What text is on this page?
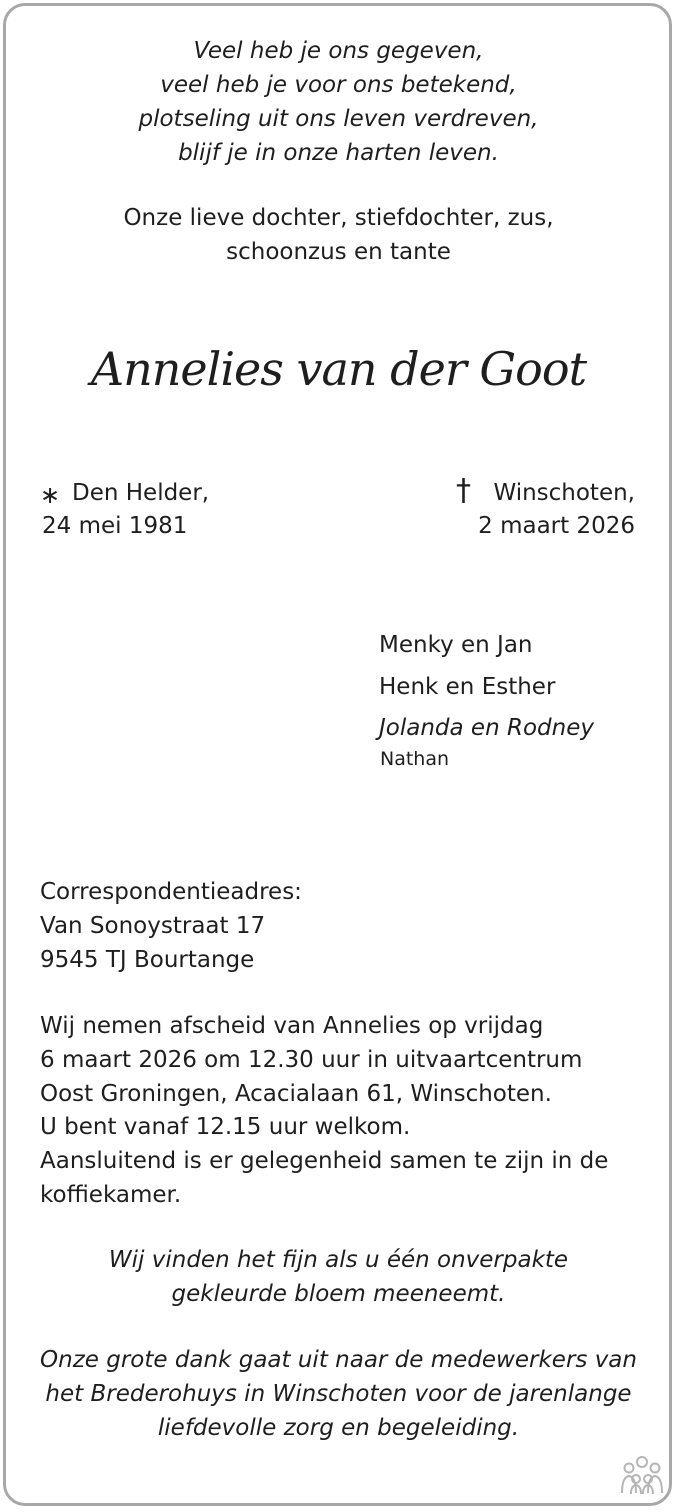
Veel heb je ons gegeven,
veel heb je voor ons betekend,
plotseling uit ons leven verdreven,
blijf je in onze harten leven.
Onze lieve dochter, stiefdochter, zus,
schoonzus en tante
Annelies van der Goot
∗ Den Helder,
24 mei 1981
† Winschoten,
2 maart 2026
Menky en Jan
Henk en Esther
Jolanda en Rodney
Nathan
Correspondentieadres:
Van Sonoystraat 17
9545 TJ Bourtange
Wij nemen afscheid van Annelies op vrijdag
6 maart 2026 om 12.30 uur in uitvaartcentrum
Oost Groningen, Acacialaan 61, Winschoten.
U bent vanaf 12.15 uur welkom.
Aansluitend is er gelegenheid samen te zijn in de
koffiekamer.
Wij vinden het fijn als u één onverpakte
gekleurde bloem meeneemt.
Onze grote dank gaat uit naar de medewerkers van
het Brederohuys in Winschoten voor de jarenlange
liefdevolle zorg en begeleiding.
